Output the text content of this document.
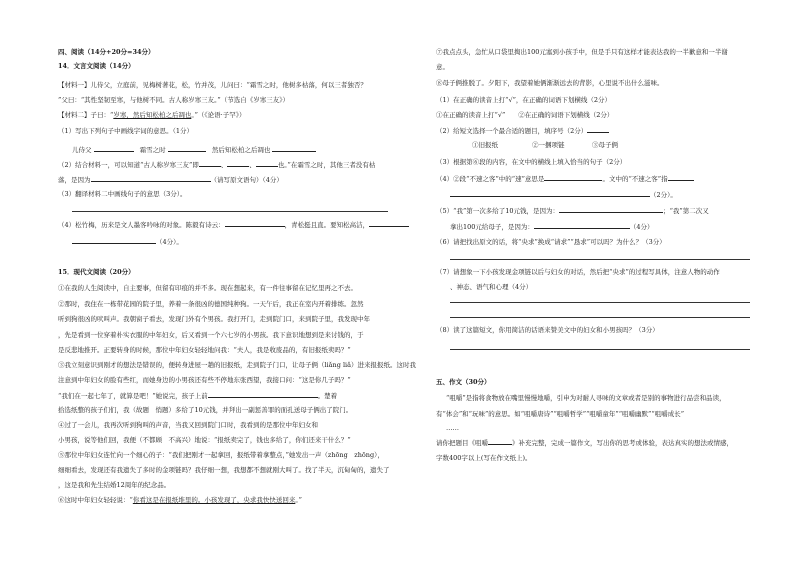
四、阅读（14分+20分=34分）
14．文言文阅读（14分）
【材料一】儿侍父，立庭前，见梅树著花，松，竹并茂，儿问曰：“霜雪之时，他树多枯落，何以三者独否？
”父曰：“其性坚韧至寒，与他树不同。古人称岁寒三友。”（节选自《岁寒三友》）
【材料二】子曰：“岁寒，然后知松柏之后凋也。”（《论语·子罕》）
（1）写出下列句子中画线字词的意思。（1分）
儿侍父	霜雪之时	然后知松柏之后凋也
（2）结合材料一，可以知道“古人称岁寒三友”即	、	、	也。”在霜雪之时，其他三者没有枯
落，是因为	（请写原文语句）（4分）
（3）翻译材料二中画线句子的意思（3分）。
（4）松竹梅，历来是文人墨客吟咏的对象。陈毅有诗云：	，青松挺且直。要知松高洁，
（4分）。
15．现代文阅读（20分）
①在我的人生阅读中，自主要事，但留有印痕的并不多。现在想起来，有一件往事留在记忆里再之不去。
②那时，我住在一栋带花园的院子里，养着一条很凶的德国纯种狗。一天午后，我正在室内开着排练。忽然
听到狗很凶的吠叫声。我朝窗子看去，发现门外有个男孩。我打开门，走到院门口，来到院子里，我发现中年
，先是看到一位穿着朴实衣服的中年妇女，后又看到一个六七岁的小男孩。我下意识地想到是来讨钱的，于
是反悲地推开。正要转身的时候，那位中年妇女轻轻地问我：“夫人，我是收废品的，有旧报纸卖吗？”
③我立刻意识到刚才的想法是错误的，便转身进屋一趟的旧报纸，走到院子门口，让母子俩（liǎng liǎ）进来报报纸。这时我
注意到中年妇女的脸有些红，而她身边的小男孩还有些不停地东张西望，我接口问：“这是你几子吗？”
“我们在一起七年了，就算是吧！”她说完，孩子上前	。楚着
拾选纸整的孩子们们，我（故题　悄题）多给了10元钱，并拜出一副惩善罪的面孔送母子俩出了院门。
④过了一会儿，我再次听到狗叫的声音，当我又回到院门口时，我看到的是那位中年妇女和
小男孩，说等他们回，我便（不都顾　不高兴）地说：“报纸卖完了，钱也多给了，你们还来干什么？”
⑤那位中年妇女连忙向一个细心的子：“我们把刚才一起拿回，报纸带着拿整点，”她发出一声（zhōng　zhōng），
细细看去，发现还有我遗失了多时的金项链吗？我仔细一想，我想都不想就刚大叫了。找了半天，沉甸甸的，遗失了
，这是我和先生结婚12周年的纪念品。
⑥这时中年妇女轻轻说：“你看这是在报纸堆里的。小孩发现了，央求我快快送回来。”
⑦我点点头，急忙从口袋里掏出100元塞到小孩手中，但是手只有这样才能表达我的一半歉意和一半谢
意。
⑧母子俩推脱了。夕阳下，我望着她俩渐渐远去的背影，心里说不出什么滋味。
（1）在正确的读音上打“√”，在正确的词语下划横线（2分）
①在正确的读音上打“√”　　②在正确的词语下划横线（2分）
（2）给短文选择一个最合适的题目，填序号（2分）
①旧报纸	②一捆项链	③母子俩
（3）根据第⑥段的内容，在文中的横线上填入恰当的句子（2分）
（4）②段“不速之客”中的“速”意思是	。文中的“不速之客”指
（2分）。
（5）“我”第一次多给了10元钱，是因为：	；“我”第二次又
拿出100元给母子，是因为：	（4分）
（6）请把找出原文的话，将“央求”换成“请求”“恳求”可以吗？为什么？（3分）
（7）请想象一下小孩发现金项链以后与妇女的对话，然后把“央求”的过程写具体，注意人物的动作
、神态、语气和心理（4分）
（8）读了这篇短文，你用简洁的话语来赞美文中的妇女和小男孩吗？（3分）
五、作文（30分）
“咀嚼”是指将食物放在嘴里慢慢地嚼，引申为对耐人寻味的文章或者是别的事物进行品尝和品读，
有“体会”和“玩味”的意思。如“咀嚼唐诗”“咀嚼哲学”“咀嚼童年”“咀嚼幽默”“咀嚼成长”
……
请你把题目《咀嚼	》补充完整，完成一篇作文，写出你的思考或体验，表达真实的想法或情感，
字数400字以上(写在作文纸上)。
